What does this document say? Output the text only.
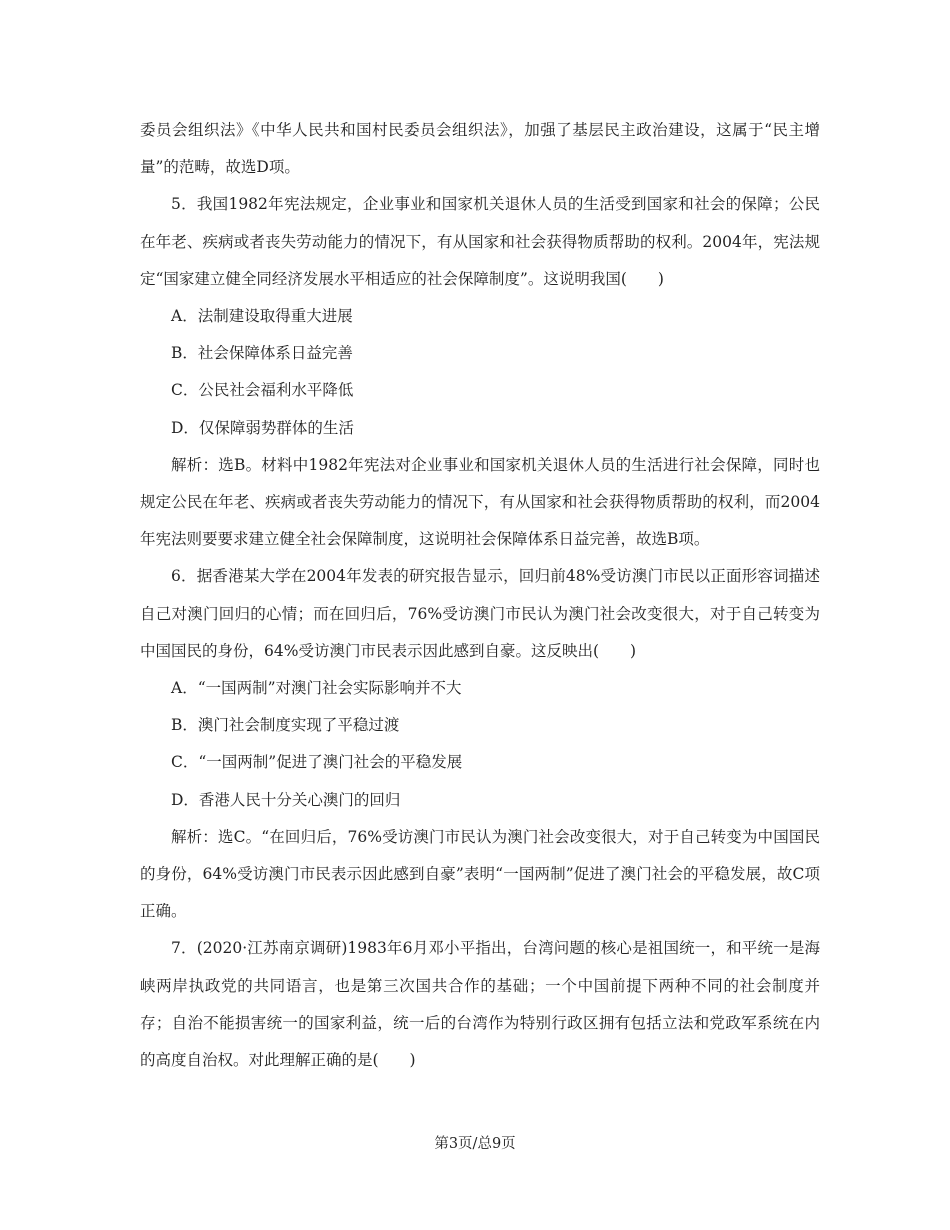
委员会组织法》《中华人民共和国村民委员会组织法》，加强了基层民主政治建设，这属于“民主增量”的范畴，故选D项。

5．我国1982年宪法规定，企业事业和国家机关退休人员的生活受到国家和社会的保障；公民在年老、疾病或者丧失劳动能力的情况下，有从国家和社会获得物质帮助的权利。2004年，宪法规定“国家建立健全同经济发展水平相适应的社会保障制度”。这说明我国(　　)

A．法制建设取得重大进展

B．社会保障体系日益完善

C．公民社会福利水平降低

D．仅保障弱势群体的生活

解析：选B。材料中1982年宪法对企业事业和国家机关退休人员的生活进行社会保障，同时也规定公民在年老、疾病或者丧失劳动能力的情况下，有从国家和社会获得物质帮助的权利，而2004年宪法则要要求建立健全社会保障制度，这说明社会保障体系日益完善，故选B项。

6．据香港某大学在2004年发表的研究报告显示，回归前48%受访澳门市民以正面形容词描述自己对澳门回归的心情；而在回归后，76%受访澳门市民认为澳门社会改变很大，对于自己转变为中国国民的身份，64%受访澳门市民表示因此感到自豪。这反映出(　　)

A．“一国两制”对澳门社会实际影响并不大

B．澳门社会制度实现了平稳过渡

C．“一国两制”促进了澳门社会的平稳发展

D．香港人民十分关心澳门的回归

解析：选C。“在回归后，76%受访澳门市民认为澳门社会改变很大，对于自己转变为中国国民的身份，64%受访澳门市民表示因此感到自豪”表明“一国两制”促进了澳门社会的平稳发展，故C项正确。

7．(2020·江苏南京调研)1983年6月邓小平指出，台湾问题的核心是祖国统一，和平统一是海峡两岸执政党的共同语言，也是第三次国共合作的基础；一个中国前提下两种不同的社会制度并存；自治不能损害统一的国家利益，统一后的台湾作为特别行政区拥有包括立法和党政军系统在内的高度自治权。对此理解正确的是(　　)

第3页/总9页
